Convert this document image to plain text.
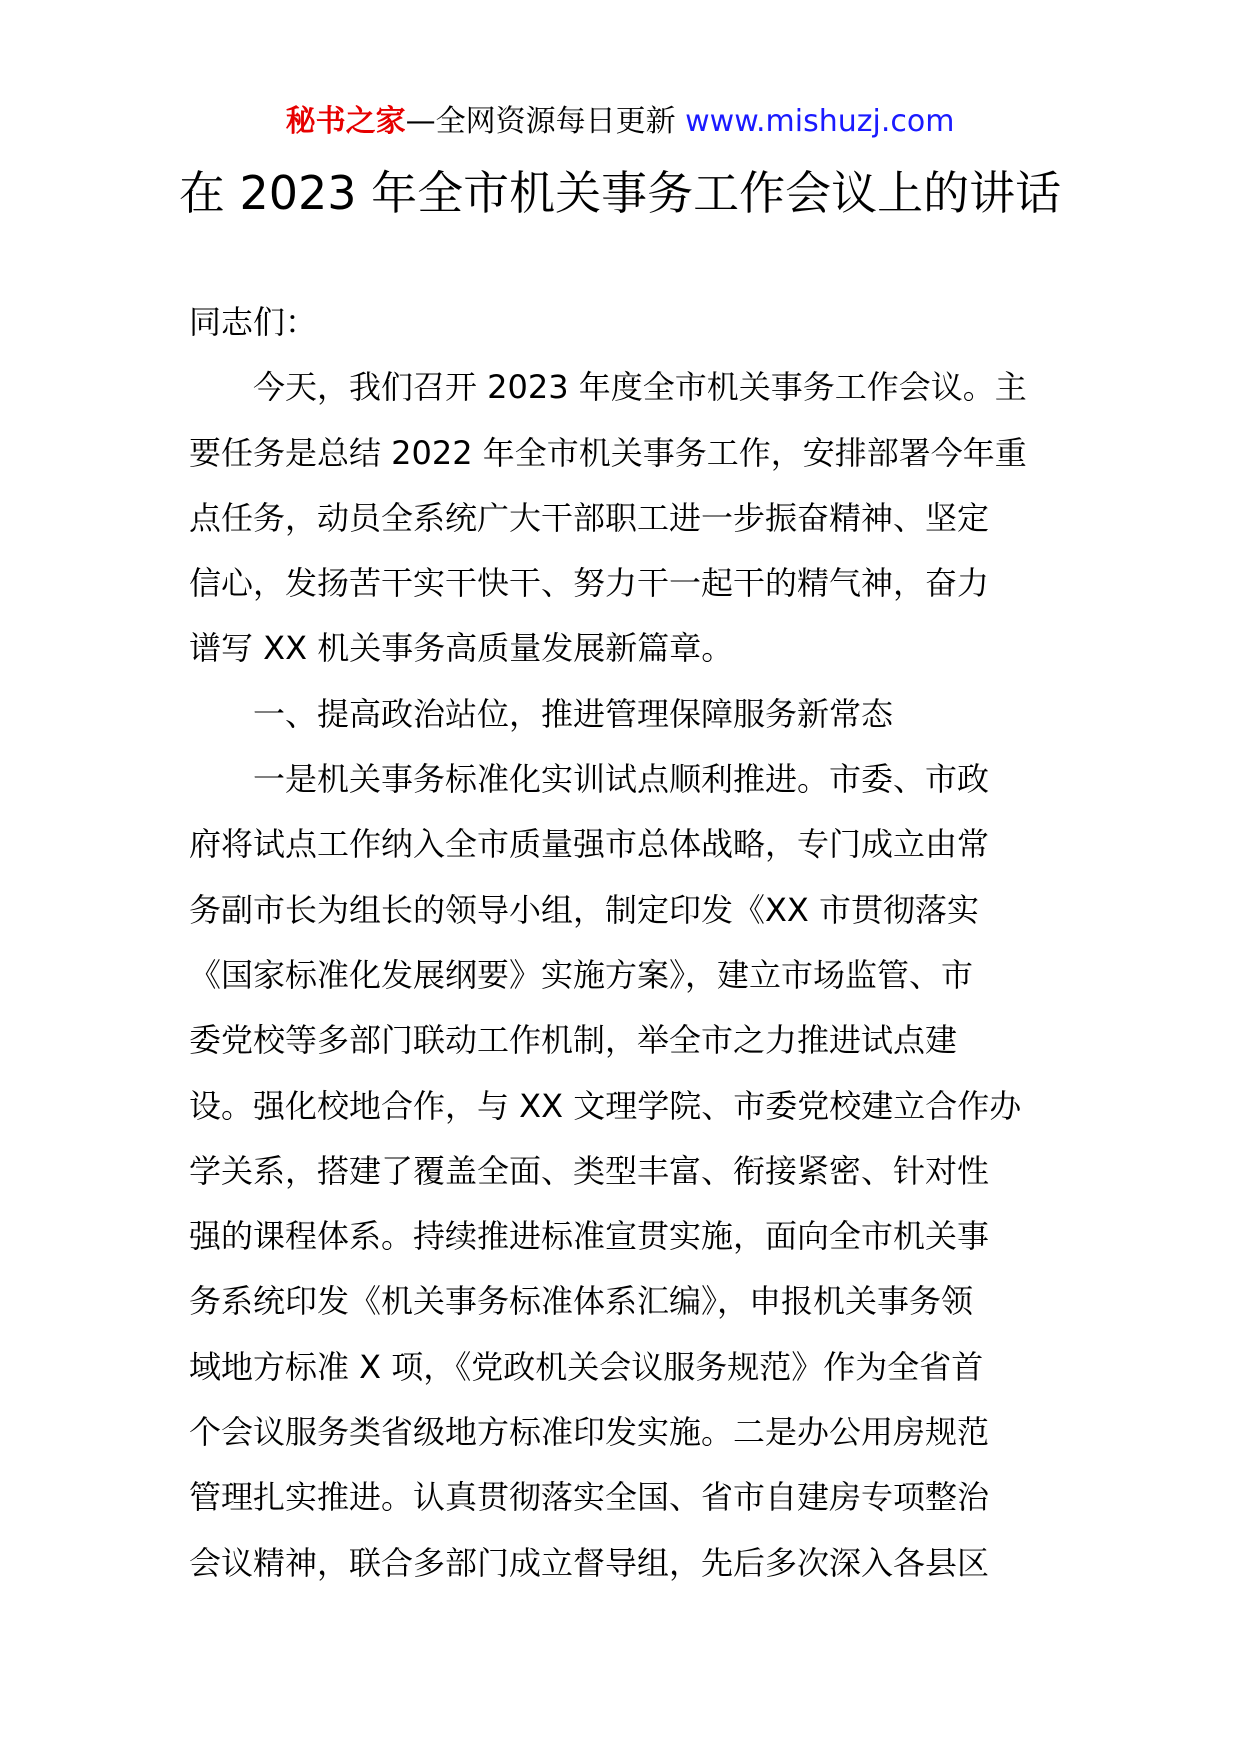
秘书之家—全网资源每日更新 www.mishuzj.com
在 2023 年全市机关事务工作会议上的讲话

同志们：

今天，我们召开 2023 年度全市机关事务工作会议。主
要任务是总结 2022 年全市机关事务工作，安排部署今年重
点任务，动员全系统广大干部职工进一步振奋精神、坚定
信心，发扬苦干实干快干、努力干一起干的精气神，奋力
谱写 XX 机关事务高质量发展新篇章。

一、提高政治站位，推进管理保障服务新常态

一是机关事务标准化实训试点顺利推进。市委、市政
府将试点工作纳入全市质量强市总体战略，专门成立由常
务副市长为组长的领导小组，制定印发《XX 市贯彻落实
《国家标准化发展纲要》实施方案》，建立市场监管、市
委党校等多部门联动工作机制，举全市之力推进试点建
设。强化校地合作，与 XX 文理学院、市委党校建立合作办
学关系，搭建了覆盖全面、类型丰富、衔接紧密、针对性
强的课程体系。持续推进标准宣贯实施，面向全市机关事
务系统印发《机关事务标准体系汇编》，申报机关事务领
域地方标准 X 项，《党政机关会议服务规范》作为全省首
个会议服务类省级地方标准印发实施。二是办公用房规范
管理扎实推进。认真贯彻落实全国、省市自建房专项整治
会议精神，联合多部门成立督导组，先后多次深入各县区
